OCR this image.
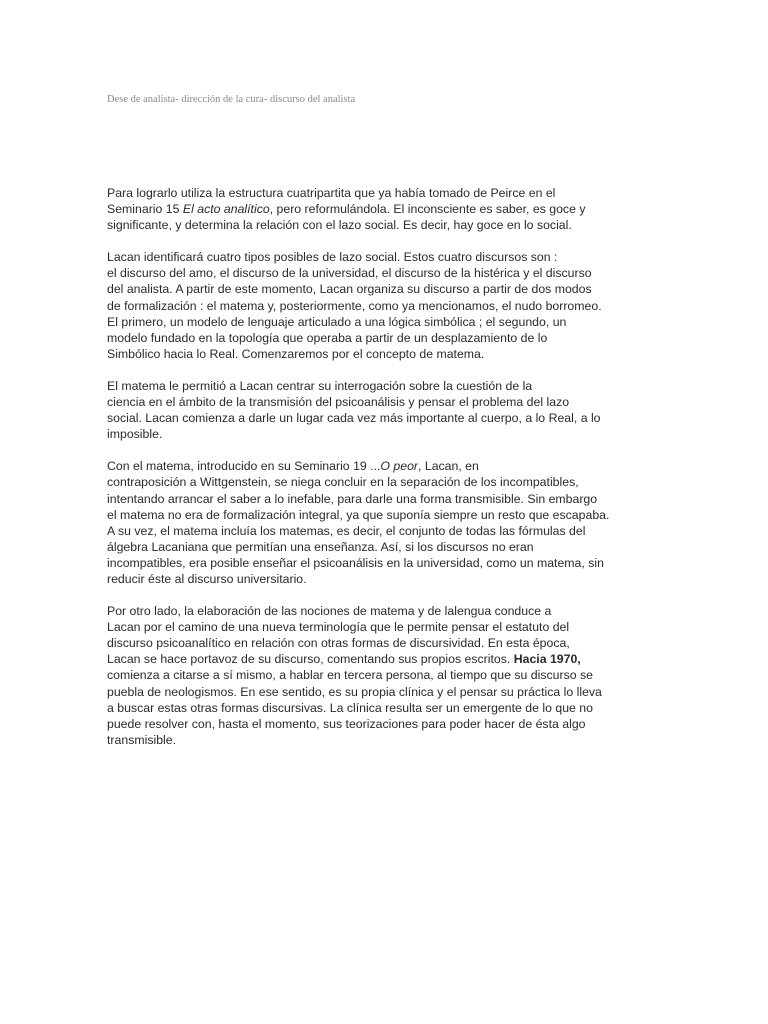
Dese de analista- dirección de la cura- discurso del analista

Para lograrlo utiliza la estructura cuatripartita que ya había tomado de Peirce en el
Seminario 15 El acto analítico, pero reformulándola. El inconsciente es saber, es goce y
significante, y determina la relación con el lazo social. Es decir, hay goce en lo social.

Lacan identificará cuatro tipos posibles de lazo social. Estos cuatro discursos son :
el discurso del amo, el discurso de la universidad, el discurso de la histérica y el discurso
del analista. A partir de este momento, Lacan organiza su discurso a partir de dos modos
de formalización : el matema y, posteriormente, como ya mencionamos, el nudo borromeo.
El primero, un modelo de lenguaje articulado a una lógica simbólica ; el segundo, un
modelo fundado en la topología que operaba a partir de un desplazamiento de lo
Simbólico hacia lo Real. Comenzaremos por el concepto de matema.

El matema le permitió a Lacan centrar su interrogación sobre la cuestión de la
ciencia en el ámbito de la transmisión del psicoanálisis y pensar el problema del lazo
social. Lacan comienza a darle un lugar cada vez más importante al cuerpo, a lo Real, a lo
imposible.

Con el matema, introducido en su Seminario 19 ...O peor, Lacan, en
contraposición a Wittgenstein, se niega concluir en la separación de los incompatibles,
intentando arrancar el saber a lo inefable, para darle una forma transmisible. Sin embargo
el matema no era de formalización integral, ya que suponía siempre un resto que escapaba.
A su vez, el matema incluía los matemas, es decir, el conjunto de todas las fórmulas del
álgebra Lacaniana que permitían una enseñanza. Así, si los discursos no eran
incompatibles, era posible enseñar el psicoanálisis en la universidad, como un matema, sin
reducir éste al discurso universitario.

Por otro lado, la elaboración de las nociones de matema y de lalengua conduce a
Lacan por el camino de una nueva terminología que le permite pensar el estatuto del
discurso psicoanalítico en relación con otras formas de discursividad. En esta época,
Lacan se hace portavoz de su discurso, comentando sus propios escritos. Hacia 1970,
comienza a citarse a sí mismo, a hablar en tercera persona, al tiempo que su discurso se
puebla de neologismos. En ese sentido, es su propia clínica y el pensar su práctica lo lleva
a buscar estas otras formas discursivas. La clínica resulta ser un emergente de lo que no
puede resolver con, hasta el momento, sus teorizaciones para poder hacer de ésta algo
transmisible.
